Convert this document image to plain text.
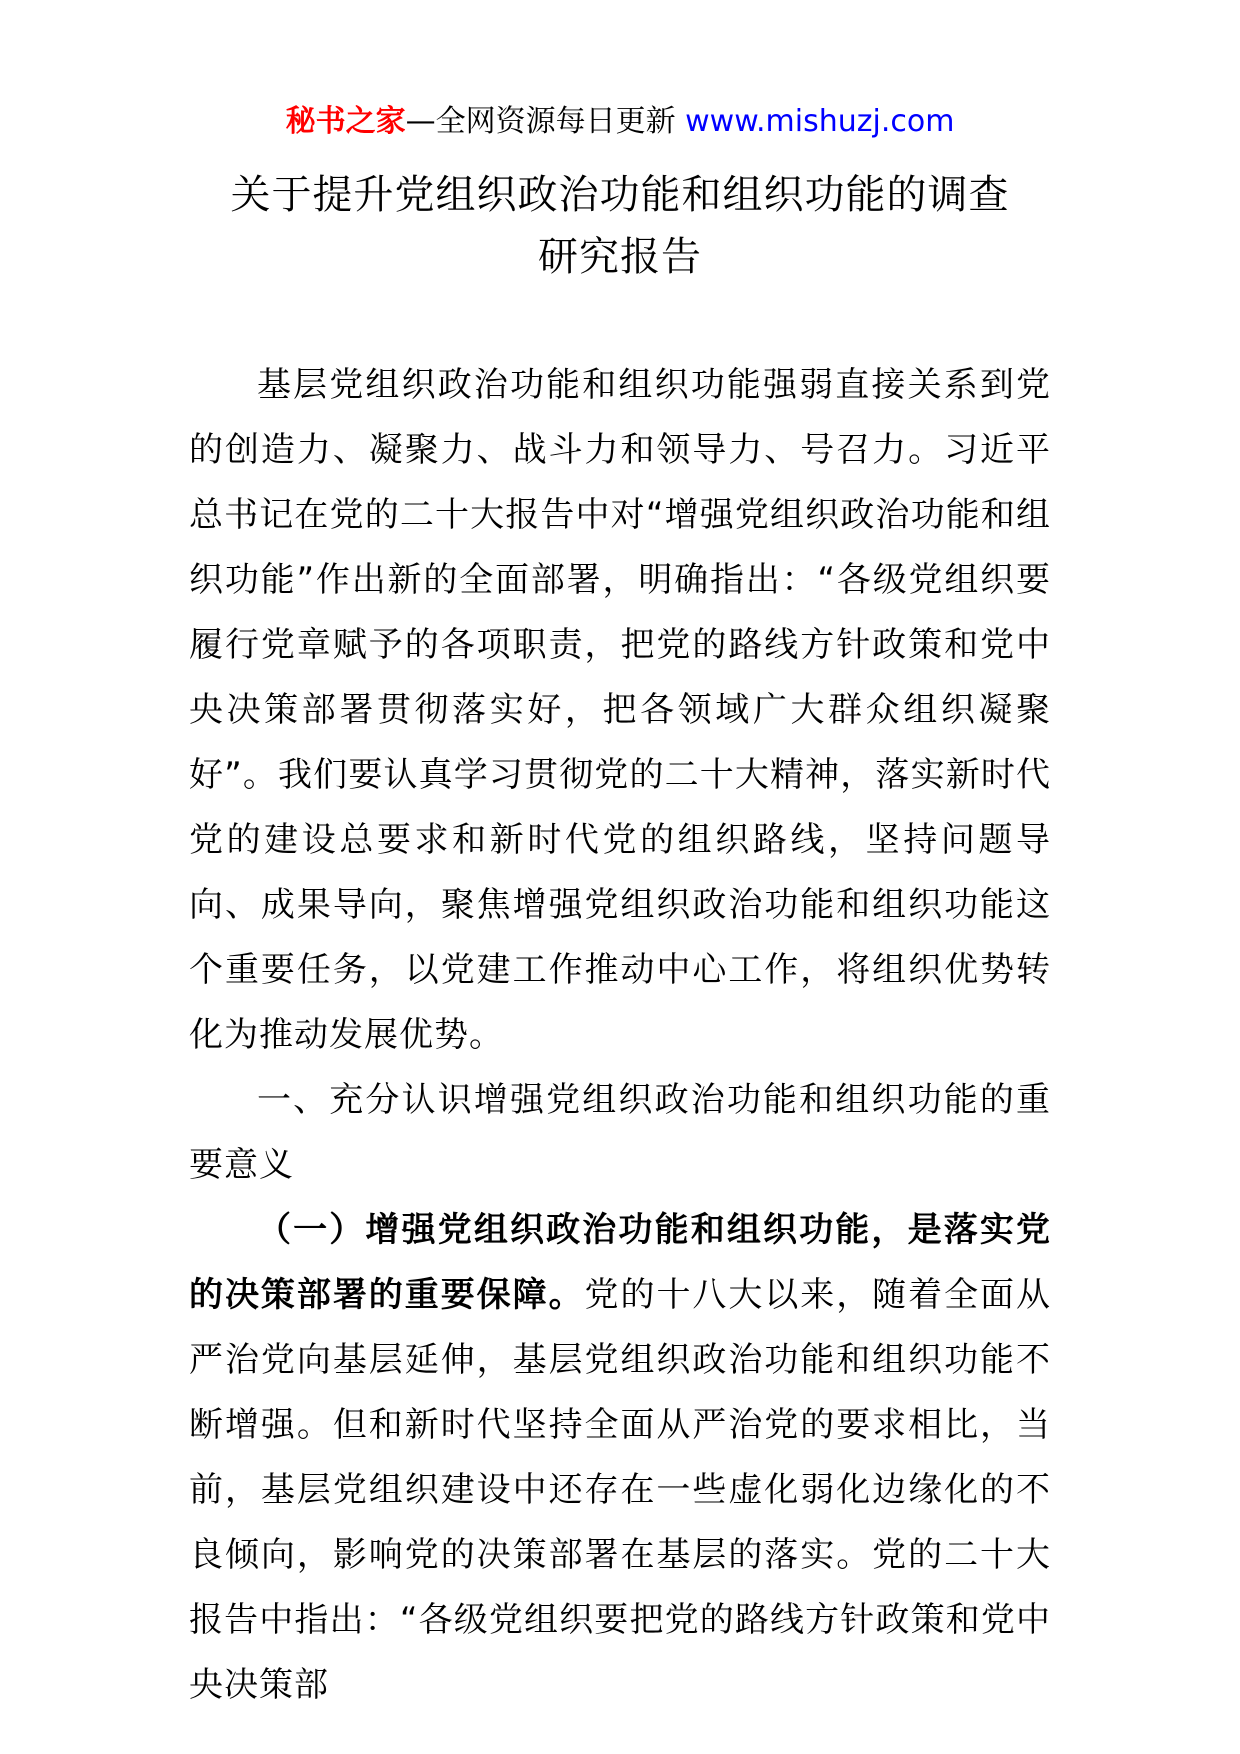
秘书之家—全网资源每日更新 www.mishuzj.com
关于提升党组织政治功能和组织功能的调查
研究报告

基层党组织政治功能和组织功能强弱直接关系到党的创造力、凝聚力、战斗力和领导力、号召力。习近平总书记在党的二十大报告中对“增强党组织政治功能和组织功能”作出新的全面部署，明确指出：“各级党组织要履行党章赋予的各项职责，把党的路线方针政策和党中央决策部署贯彻落实好，把各领域广大群众组织凝聚好”。我们要认真学习贯彻党的二十大精神，落实新时代党的建设总要求和新时代党的组织路线，坚持问题导向、成果导向，聚焦增强党组织政治功能和组织功能这个重要任务，以党建工作推动中心工作，将组织优势转化为推动发展优势。

一、充分认识增强党组织政治功能和组织功能的重要意义

（一）增强党组织政治功能和组织功能，是落实党的决策部署的重要保障。党的十八大以来，随着全面从严治党向基层延伸，基层党组织政治功能和组织功能不断增强。但和新时代坚持全面从严治党的要求相比，当前，基层党组织建设中还存在一些虚化弱化边缘化的不良倾向，影响党的决策部署在基层的落实。党的二十大报告中指出：“各级党组织要把党的路线方针政策和党中央决策部
